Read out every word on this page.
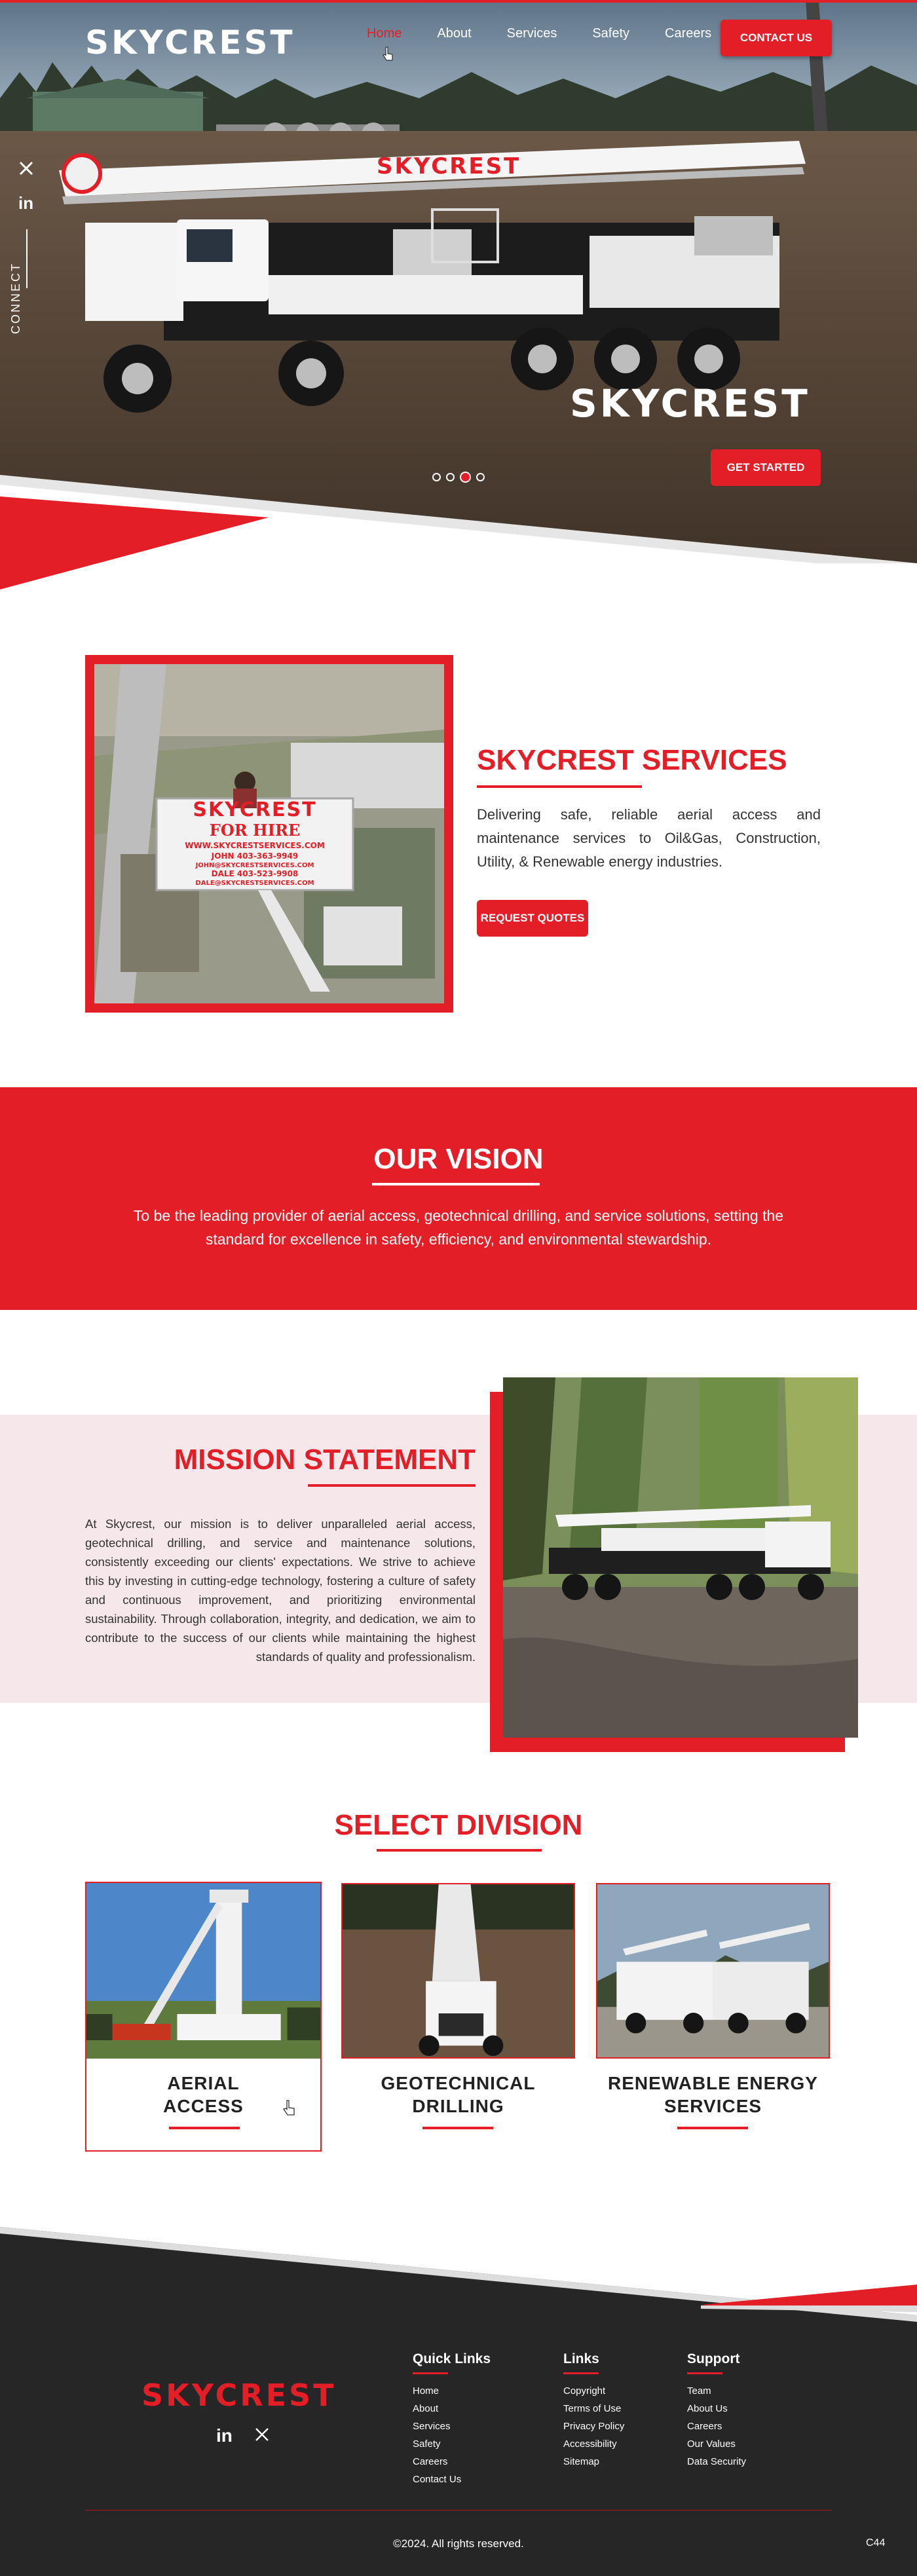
SKYCREST
SKYCREST	Home	About	Services	Safety	Careers	CONTACT US
in
CONNECT
SKYCREST
GET STARTED
SKYCREST
FOR HIRE
WWW.SKYCRESTSERVICES.COM
JOHN 403-363-9949
JOHN@SKYCRESTSERVICES.COM
DALE 403-523-9908
DALE@SKYCRESTSERVICES.COM
SKYCREST SERVICES

Delivering safe, reliable aerial access and maintenance services to Oil&Gas, Construction, Utility, & Renewable energy industries.

REQUEST QUOTES
OUR VISION

To be the leading provider of aerial access, geotechnical drilling, and service solutions, setting the standard for excellence in safety, efficiency, and environmental stewardship.

MISSION STATEMENT

At Skycrest, our mission is to deliver unparalleled aerial access, geotechnical drilling, and service and maintenance solutions, consistently exceeding our clients' expectations. We strive to achieve this by investing in cutting-edge technology, fostering a culture of safety and continuous improvement, and prioritizing environmental sustainability. Through collaboration, integrity, and dedication, we aim to contribute to the success of our clients while maintaining the highest standards of quality and professionalism.

SELECT DIVISION
AERIAL ACCESS
GEOTECHNICAL DRILLING
RENEWABLE ENERGY SERVICES
SKYCREST
in
Quick Links
Home
About
Services
Safety
Careers
Contact Us
Links
Copyright
Terms of Use
Privacy Policy
Accessibility
Sitemap
Support
Team
About Us
Careers
Our Values
Data Security
©2024. All rights reserved.	C44
